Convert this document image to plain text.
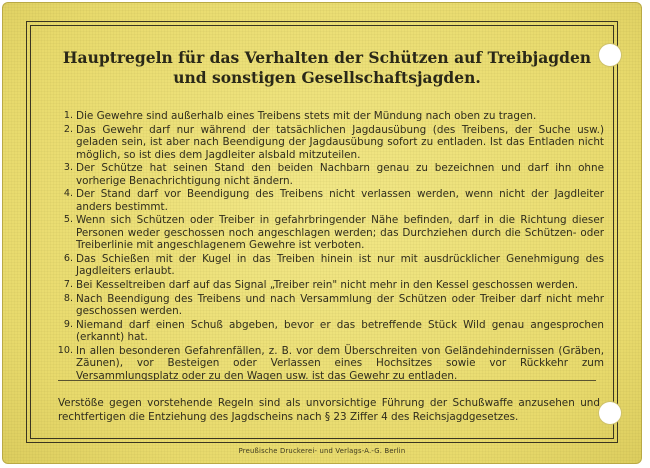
Hauptregeln für das Verhalten der Schützen auf Treibjagden
und sonstigen Gesellschaftsjagden.
1. Die Gewehre sind außerhalb eines Treibens stets mit der Mündung nach oben zu tragen.
2. Das Gewehr darf nur während der tatsächlichen Jagdausübung (des Treibens, der Suche usw.) geladen sein, ist aber nach Beendigung der Jagdausübung sofort zu entladen. Ist das Entladen nicht möglich, so ist dies dem Jagdleiter alsbald mitzuteilen.
3. Der Schütze hat seinen Stand den beiden Nachbarn genau zu bezeichnen und darf ihn ohne vorherige Benachrichtigung nicht ändern.
4. Der Stand darf vor Beendigung des Treibens nicht verlassen werden, wenn nicht der Jagdleiter anders bestimmt.
5. Wenn sich Schützen oder Treiber in gefahrbringender Nähe befinden, darf in die Richtung dieser Personen weder geschossen noch angeschlagen werden; das Durchziehen durch die Schützen- oder Treiberlinie mit angeschlagenem Gewehre ist verboten.
6. Das Schießen mit der Kugel in das Treiben hinein ist nur mit ausdrücklicher Genehmigung des Jagdleiters erlaubt.
7. Bei Kesseltreiben darf auf das Signal „Treiber rein" nicht mehr in den Kessel geschossen werden.
8. Nach Beendigung des Treibens und nach Versammlung der Schützen oder Treiber darf nicht mehr geschossen werden.
9. Niemand darf einen Schuß abgeben, bevor er das betreffende Stück Wild genau angesprochen (erkannt) hat.
10. In allen besonderen Gefahrenfällen, z. B. vor dem Überschreiten von Geländehindernissen (Gräben, Zäunen), vor Besteigen oder Verlassen eines Hochsitzes sowie vor Rückkehr zum Versammlungsplatz oder zu den Wagen usw. ist das Gewehr zu entladen.
Verstöße gegen vorstehende Regeln sind als unvorsichtige Führung der Schußwaffe anzusehen und rechtfertigen die Entziehung des Jagdscheins nach § 23 Ziffer 4 des Reichsjagdgesetzes.
Preußische Druckerei- und Verlags-A.-G. Berlin
